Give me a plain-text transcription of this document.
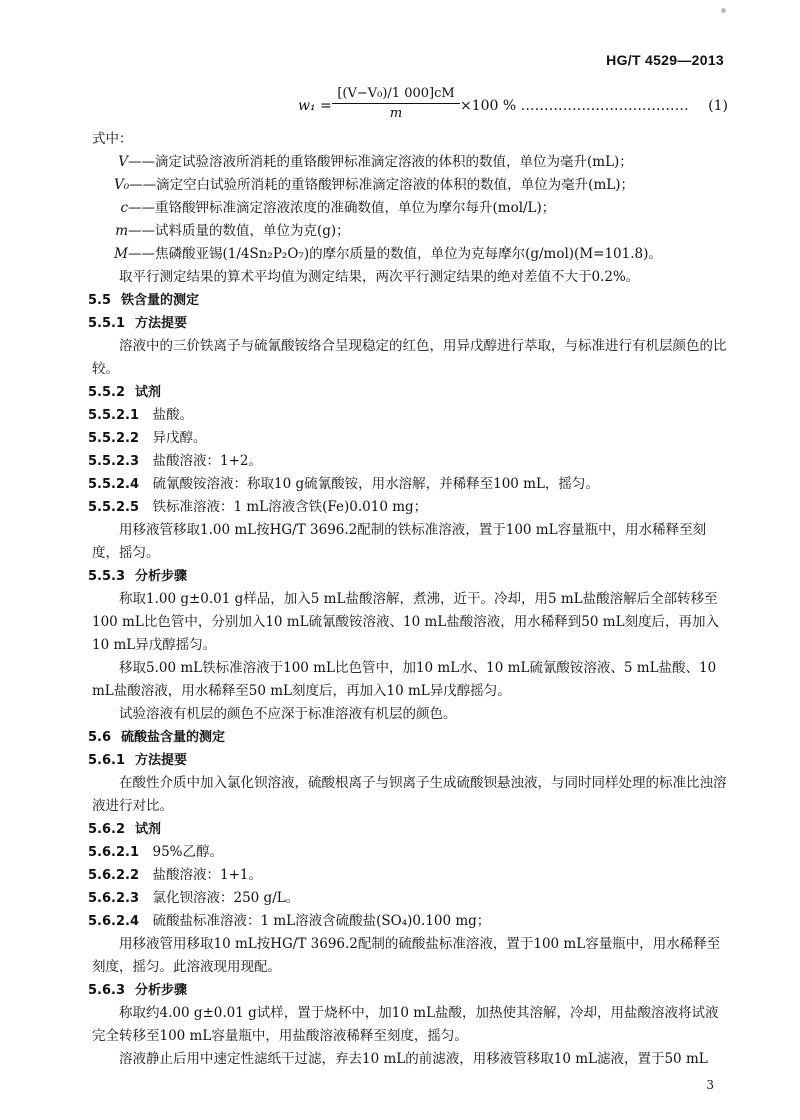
HG/T 4529—2013
$w_1 = \frac{\text{[(V−V₀)/1 000]cM}}{m} \times 100$ % ……………………………… (1)
式中：
V——滴定试验溶液所消耗的重铬酸钾标准滴定溶液的体积的数值，单位为毫升(mL)；
V₀——滴定空白试验所消耗的重铬酸钾标准滴定溶液的体积的数值，单位为毫升(mL)；
c——重铬酸钾标准滴定溶液浓度的准确数值，单位为摩尔每升(mol/L)；
m——试料质量的数值，单位为克(g)；
M——焦磷酸亚锡(1/4Sn₂P₂O₇)的摩尔质量的数值，单位为克每摩尔(g/mol)(M=101.8)。
取平行测定结果的算术平均值为测定结果，两次平行测定结果的绝对差值不大于0.2%。
5.5 铁含量的测定
5.5.1 方法提要
溶液中的三价铁离子与硫氰酸铵络合呈现稳定的红色，用异戊醇进行萃取，与标准进行有机层颜色的比较。
5.5.2 试剂
5.5.2.1　 盐酸。
5.5.2.2　 异戊醇。
5.5.2.3　 盐酸溶液：1+2。
5.5.2.4　 硫氰酸铵溶液：称取10 g硫氰酸铵，用水溶解，并稀释至100 mL，摇匀。
5.5.2.5　 铁标准溶液：1 mL溶液含铁(Fe)0.010 mg；
用移液管移取1.00 mL按HG/T 3696.2配制的铁标准溶液，置于100 mL容量瓶中，用水稀释至刻度，摇匀。
5.5.3 分析步骤
称取1.00 g±0.01 g样品，加入5 mL盐酸溶解，煮沸，近干。冷却，用5 mL盐酸溶解后全部转移至100 mL比色管中，分别加入10 mL硫氰酸铵溶液、10 mL盐酸溶液，用水稀释到50 mL刻度后，再加入10 mL异戊醇摇匀。
移取5.00 mL铁标准溶液于100 mL比色管中，加10 mL水、10 mL硫氰酸铵溶液、5 mL盐酸、10 mL盐酸溶液，用水稀释至50 mL刻度后，再加入10 mL异戊醇摇匀。
试验溶液有机层的颜色不应深于标准溶液有机层的颜色。
5.6 硫酸盐含量的测定
5.6.1 方法提要
在酸性介质中加入氯化钡溶液，硫酸根离子与钡离子生成硫酸钡悬浊液，与同时同样处理的标准比浊溶液进行对比。
5.6.2 试剂
5.6.2.1　 95%乙醇。
5.6.2.2　 盐酸溶液：1+1。
5.6.2.3　 氯化钡溶液：250 g/L。
5.6.2.4　 硫酸盐标准溶液：1 mL溶液含硫酸盐(SO₄)0.100 mg；
用移液管用移取10 mL按HG/T 3696.2配制的硫酸盐标准溶液，置于100 mL容量瓶中，用水稀释至刻度，摇匀。此溶液现用现配。
5.6.3 分析步骤
称取约4.00 g±0.01 g试样，置于烧杯中，加10 mL盐酸，加热使其溶解，冷却，用盐酸溶液将试液完全转移至100 mL容量瓶中，用盐酸溶液稀释至刻度，摇匀。
溶液静止后用中速定性滤纸干过滤，弃去10 mL的前滤液，用移液管移取10 mL滤液，置于50 mL
3
